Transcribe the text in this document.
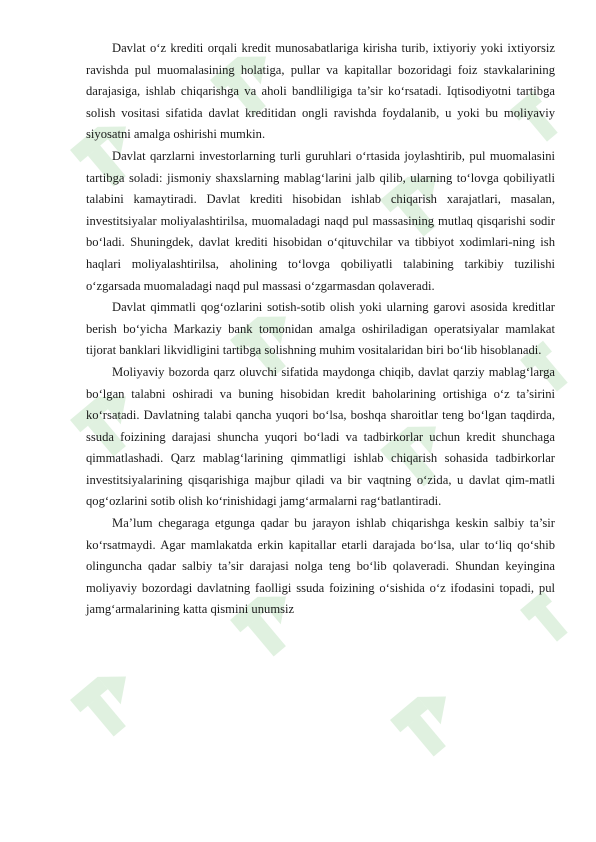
Davlat o‘z krediti orqali kredit munosabatlariga kirisha turib, ixtiyoriy yoki ixtiyorsiz ravishda pul muomalasining holatiga, pullar va kapitallar bozoridagi foiz stavkalarining darajasiga, ishlab chiqarishga va aholi bandliligiga ta’sir ko‘rsatadi. Iqtisodiyotni tartibga solish vositasi sifatida davlat kreditidan ongli ravishda foydalanib, u yoki bu moliyaviy siyosatni amalga oshirishi mumkin.

Davlat qarzlarni investorlarning turli guruhlari o‘rtasida joylashtirib, pul muomalasini tartibga soladi: jismoniy shaxslarning mablag‘larini jalb qilib, ularning to‘lovga qobiliyatli talabini kamaytiradi. Davlat krediti hisobidan ishlab chiqarish xarajatlari, masalan, investitsiyalar moliyalashtirilsa, muomaladagi naqd pul massasining mutlaq qisqarishi sodir bo‘ladi. Shuningdek, davlat krediti hisobidan o‘qituvchilar va tibbiyot xodimlari-ning ish haqlari moliyalashtirilsa, aholining to‘lovga qobiliyatli talabining tarkibiy tuzilishi o‘zgarsada muomaladagi naqd pul massasi o‘zgarmasdan qolaveradi.

Davlat qimmatli qog‘ozlarini sotish-sotib olish yoki ularning garovi asosida kreditlar berish bo‘yicha Markaziy bank tomonidan amalga oshiriladigan operatsiyalar mamlakat tijorat banklari likvidligini tartibga solishning muhim vositalaridan biri bo‘lib hisoblanadi.

Moliyaviy bozorda qarz oluvchi sifatida maydonga chiqib, davlat qarziy mablag‘larga bo‘lgan talabni oshiradi va buning hisobidan kredit baholarining ortishiga o‘z ta’sirini ko‘rsatadi. Davlatning talabi qancha yuqori bo‘lsa, boshqa sharoitlar teng bo‘lgan taqdirda, ssuda foizining darajasi shuncha yuqori bo‘ladi va tadbirkorlar uchun kredit shunchaga qimmatlashadi. Qarz mablag‘larining qimmatligi ishlab chiqarish sohasida tadbirkorlar investitsiyalarining qisqarishiga majbur qiladi va bir vaqtning o‘zida, u davlat qim-matli qog‘ozlarini sotib olish ko‘rinishidagi jamg‘armalarni rag‘batlantiradi.

Ma’lum chegaraga etgunga qadar bu jarayon ishlab chiqarishga keskin salbiy ta’sir ko‘rsatmaydi. Agar mamlakatda erkin kapitallar etarli darajada bo‘lsa, ular to‘liq qo‘shib olinguncha qadar salbiy ta’sir darajasi nolga teng bo‘lib qolaveradi. Shundan keyingina moliyaviy bozordagi davlatning faolligi ssuda foizining o‘sishida o‘z ifodasini topadi, pul jamg‘armalarining katta qismini unumsiz
